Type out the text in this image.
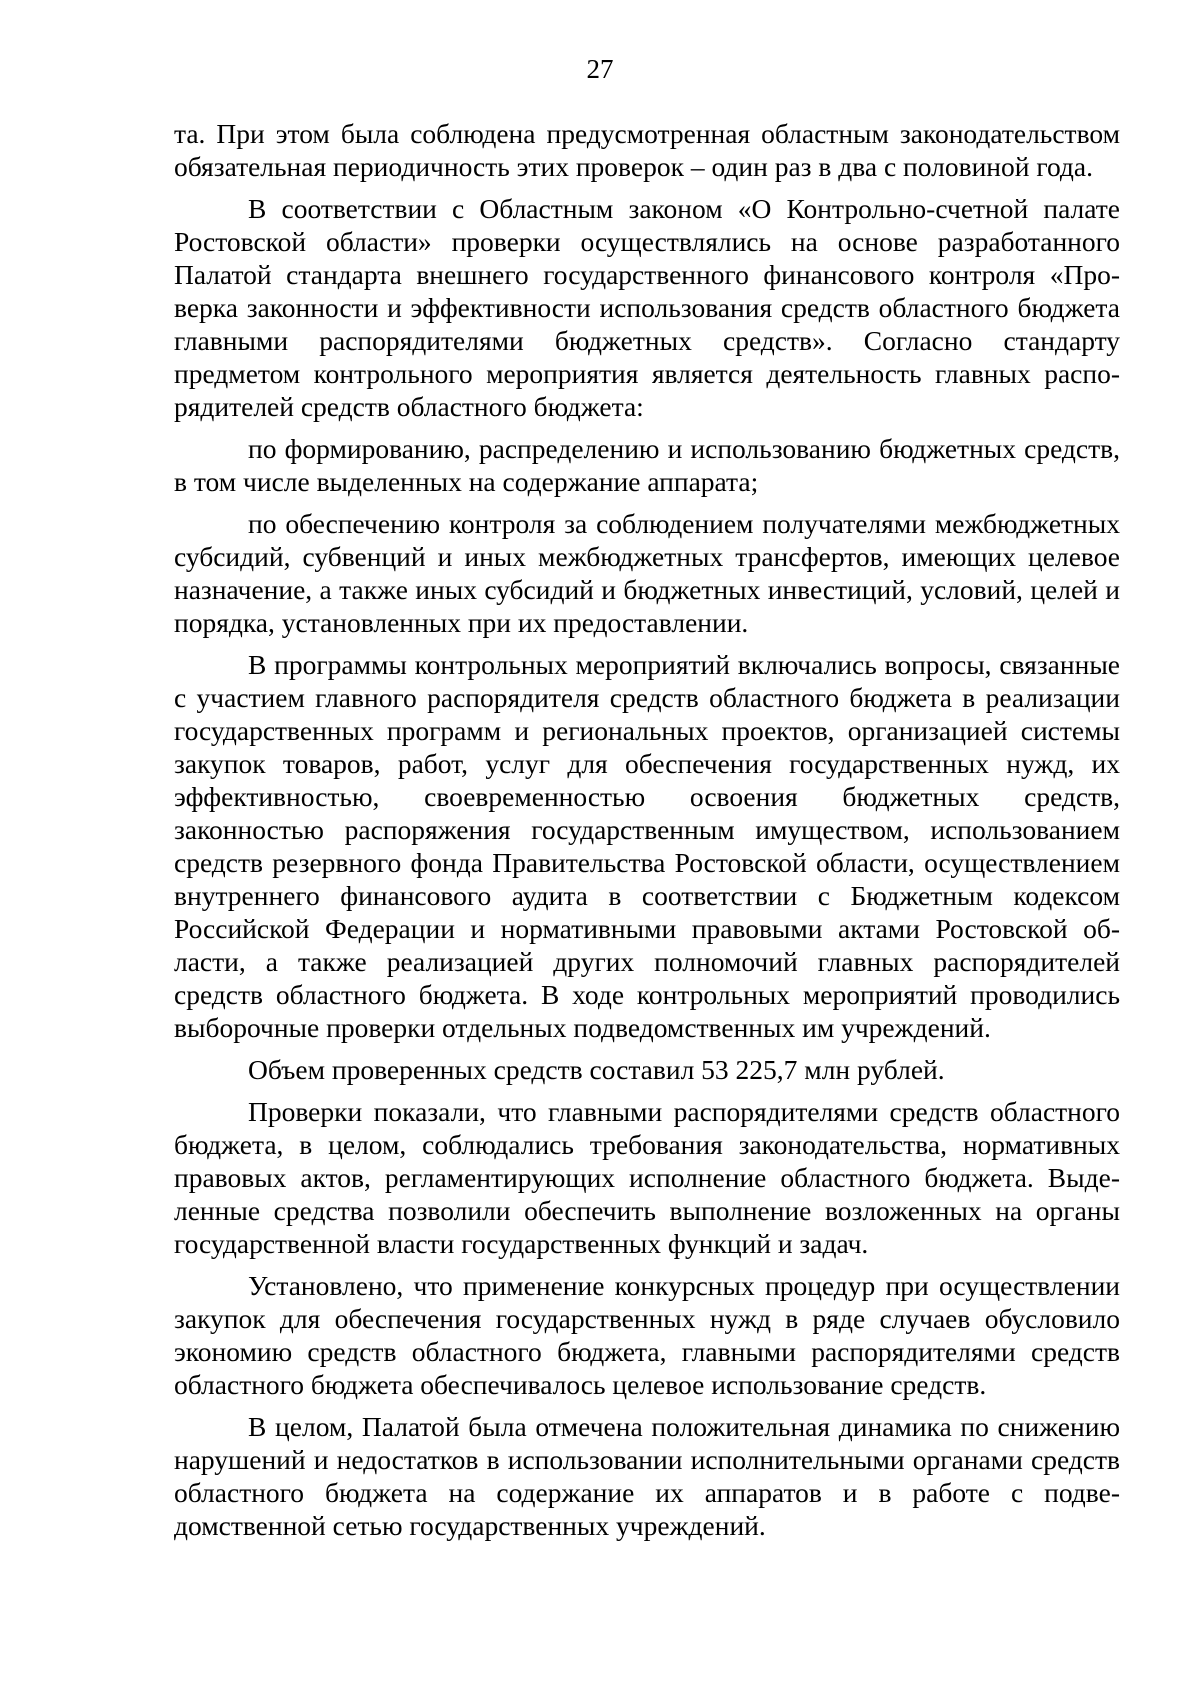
27

та. При этом была соблюдена предусмотренная областным законодательством обязательная периодичность этих проверок – один раз в два с половиной года.

В соответствии с Областным законом «О Контрольно-счетной палате Ростовской области» проверки осуществлялись на основе разработанного Палатой стандарта внешнего государственного финансового контроля «Проверка законности и эффективности использования средств областного бюджета главными распорядителями бюджетных средств». Согласно стандарту предметом контрольного мероприятия является деятельность главных распорядителей средств областного бюджета:

по формированию, распределению и использованию бюджетных средств, в том числе выделенных на содержание аппарата;

по обеспечению контроля за соблюдением получателями межбюджетных субсидий, субвенций и иных межбюджетных трансфертов, имеющих целевое назначение, а также иных субсидий и бюджетных инвестиций, условий, целей и порядка, установленных при их предоставлении.

В программы контрольных мероприятий включались вопросы, связанные с участием главного распорядителя средств областного бюджета в реализации государственных программ и региональных проектов, организацией системы закупок товаров, работ, услуг для обеспечения государственных нужд, их эффективностью, своевременностью освоения бюджетных средств, законностью распоряжения государственным имуществом, использованием средств резервного фонда Правительства Ростовской области, осуществлением внутреннего финансового аудита в соответствии с Бюджетным кодексом Российской Федерации и нормативными правовыми актами Ростовской области, а также реализацией других полномочий главных распорядителей средств областного бюджета. В ходе контрольных мероприятий проводились выборочные проверки отдельных подведомственных им учреждений.

Объем проверенных средств составил 53 225,7 млн рублей.

Проверки показали, что главными распорядителями средств областного бюджета, в целом, соблюдались требования законодательства, нормативных правовых актов, регламентирующих исполнение областного бюджета. Выделенные средства позволили обеспечить выполнение возложенных на органы государственной власти государственных функций и задач.

Установлено, что применение конкурсных процедур при осуществлении закупок для обеспечения государственных нужд в ряде случаев обусловило экономию средств областного бюджета, главными распорядителями средств областного бюджета обеспечивалось целевое использование средств.

В целом, Палатой была отмечена положительная динамика по снижению нарушений и недостатков в использовании исполнительными органами средств областного бюджета на содержание их аппаратов и в работе с подведомственной сетью государственных учреждений.
